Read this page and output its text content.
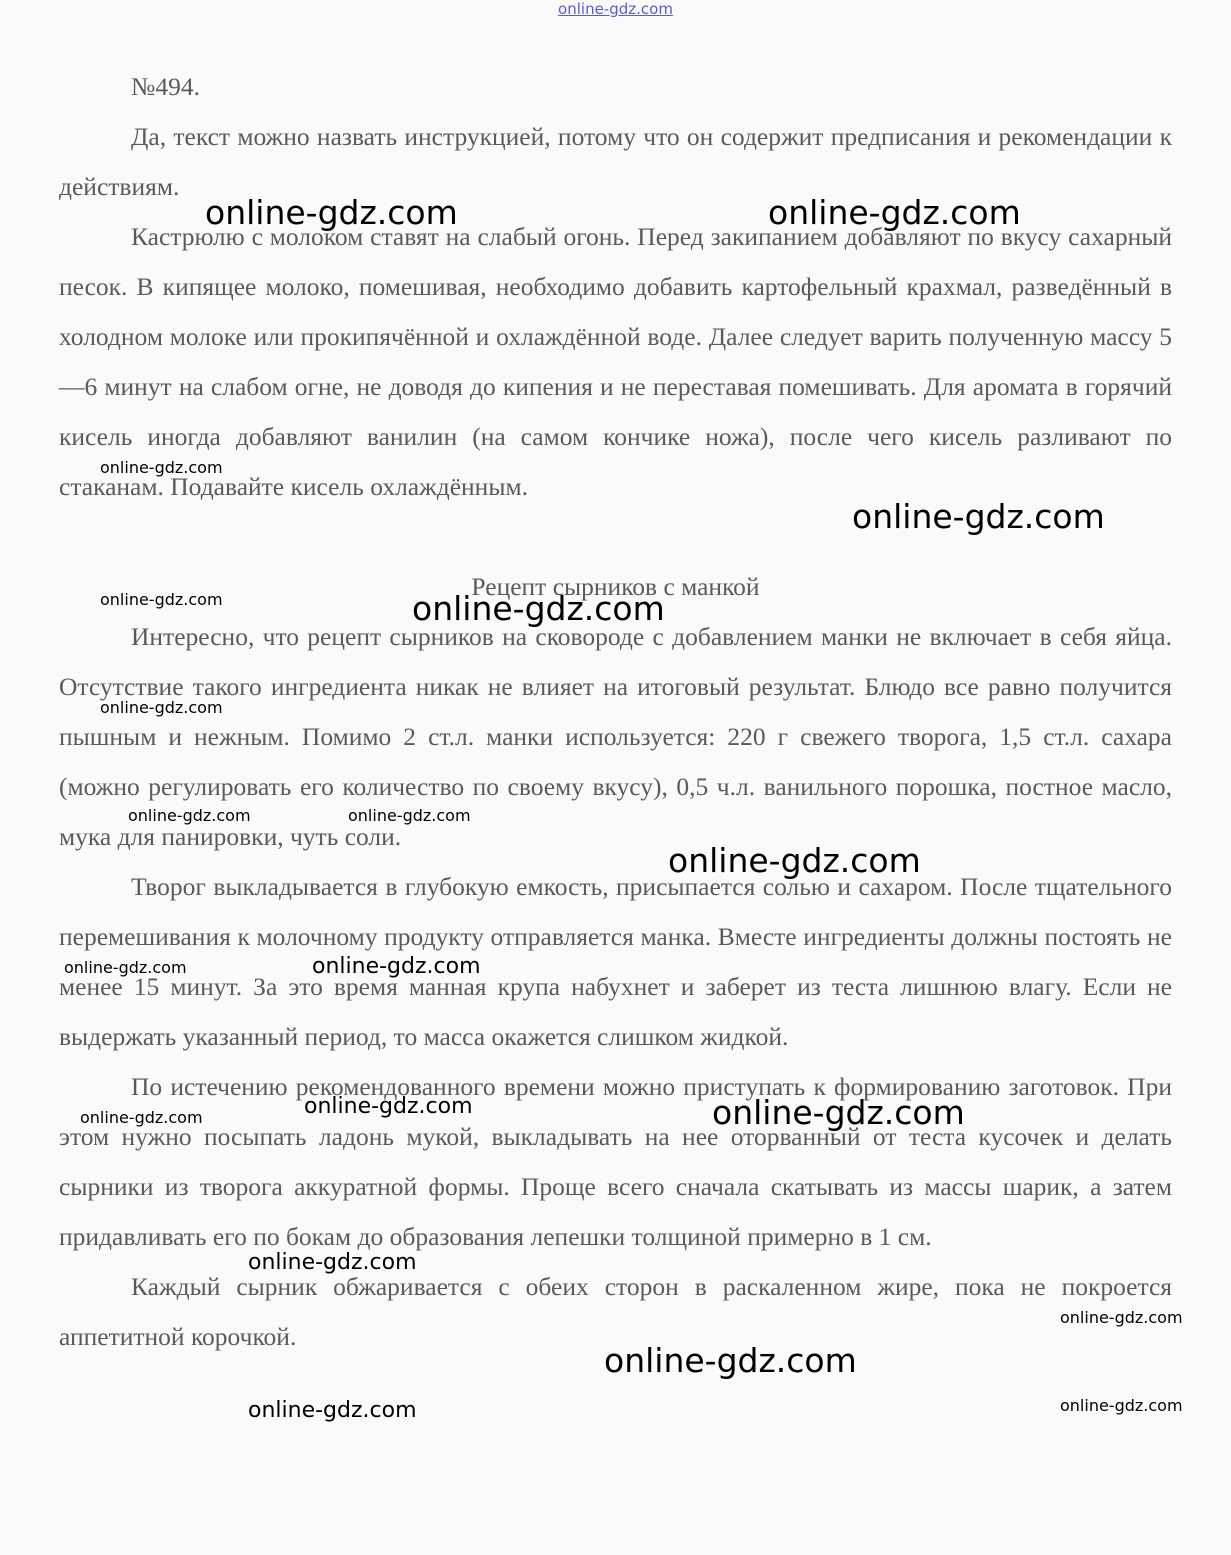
online-gdz.com

№494.

Да, текст можно назвать инструкцией, потому что он содержит предписания и рекомендации к действиям.

Кастрюлю с молоком ставят на слабый огонь. Перед закипанием добавляют по вкусу сахарный песок. В кипящее молоко, помешивая, необходимо добавить картофельный крахмал, разведённый в холодном молоке или прокипячённой и охлаждённой воде. Далее следует варить полученную массу 5—6 минут на слабом огне, не доводя до кипения и не переставая помешивать. Для аромата в горячий кисель иногда добавляют ванилин (на самом кончике ножа), после чего кисель разливают по стаканам. Подавайте кисель охлаждённым.

Рецепт сырников с манкой

Интересно, что рецепт сырников на сковороде с добавлением манки не включает в себя яйца. Отсутствие такого ингредиента никак не влияет на итоговый результат. Блюдо все равно получится пышным и нежным. Помимо 2 ст.л. манки используется: 220 г свежего творога, 1,5 ст.л. сахара (можно регулировать его количество по своему вкусу), 0,5 ч.л. ванильного порошка, постное масло, мука для панировки, чуть соли.

Творог выкладывается в глубокую емкость, присыпается солью и сахаром. После тщательного перемешивания к молочному продукту отправляется манка. Вместе ингредиенты должны постоять не менее 15 минут. За это время манная крупа набухнет и заберет из теста лишнюю влагу. Если не выдержать указанный период, то масса окажется слишком жидкой.

По истечению рекомендованного времени можно приступать к формированию заготовок. При этом нужно посыпать ладонь мукой, выкладывать на нее оторванный от теста кусочек и делать сырники из творога аккуратной формы. Проще всего сначала скатывать из массы шарик, а затем придавливать его по бокам до образования лепешки толщиной примерно в 1 см.

Каждый сырник обжаривается с обеих сторон в раскаленном жире, пока не покроется аппетитной корочкой.

online-gdz.com	online-gdz.com
online-gdz.com
online-gdz.com
online-gdz.com	online-gdz.com
online-gdz.com
online-gdz.com	online-gdz.com
online-gdz.com
online-gdz.com	online-gdz.com
online-gdz.com
online-gdz.com	online-gdz.com
online-gdz.com
online-gdz.com
online-gdz.com
online-gdz.com	online-gdz.com
